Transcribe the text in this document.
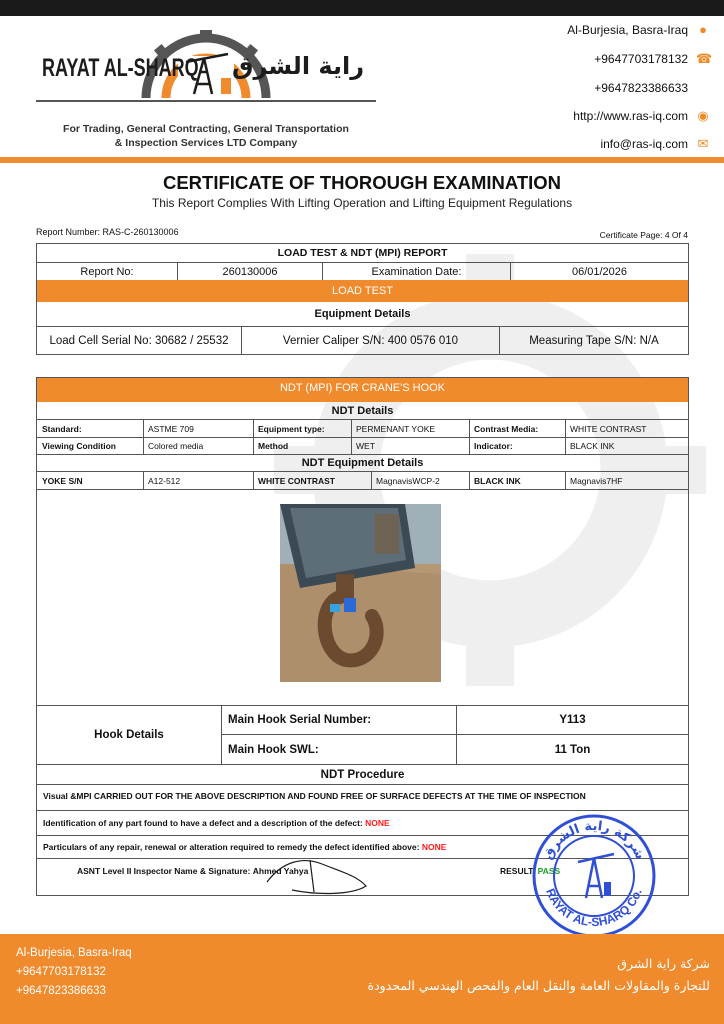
RAYAT AL-SHARQ راية الشرق
For Trading, General Contracting, General Transportation
& Inspection Services LTD Company
Al-Burjesia, Basra-Iraq ●
+9647703178132 ☎
+9647823386633
http://www.ras-iq.com ◉
info@ras-iq.com ✉
CERTIFICATE OF THOROUGH EXAMINATION
This Report Complies With Lifting Operation and Lifting Equipment Regulations
Report Number: RAS-C-260130006	Certificate Page: 4 Of 4
LOAD TEST & NDT (MPI) REPORT
Report No:	260130006	Examination Date:	06/01/2026
LOAD TEST
Equipment Details
Load Cell Serial No: 30682 / 25532	Vernier Caliper S/N: 400 0576 010	Measuring Tape S/N: N/A
NDT (MPI) FOR CRANE'S HOOK
NDT Details
Standard:	ASTME 709	Equipment type:	PERMENANT YOKE	Contrast Media:	WHITE CONTRAST
Viewing Condition	Colored media	Method	WET	Indicator:	BLACK INK
NDT Equipment Details
YOKE S/N	A12-512	WHITE CONTRAST	MagnavisWCP-2	BLACK INK	Magnavis7HF
Hook Details
Main Hook Serial Number:	Y113
Main Hook SWL:	11 Ton
NDT Procedure
Visual &MPI CARRIED OUT FOR THE ABOVE DESCRIPTION AND FOUND FREE OF SURFACE DEFECTS AT THE TIME OF INSPECTION
Identification of any part found to have a defect and a description of the defect:
NONE
Particulars of any repair, renewal or alteration required to remedy the defect identified above:
NONE
ASNT Level II Inspector Name & Signature:
Ahmed Yahya	RESULT:
PASS
شركة راية الشرق
RAYAT AL-SHARQ Co.
Al-Burjesia, Basra-Iraq
+9647703178132
+9647823386633
شركة راية الشرق
للتجارة والمقاولات العامة والنقل العام والفحص الهندسي المحدودة
